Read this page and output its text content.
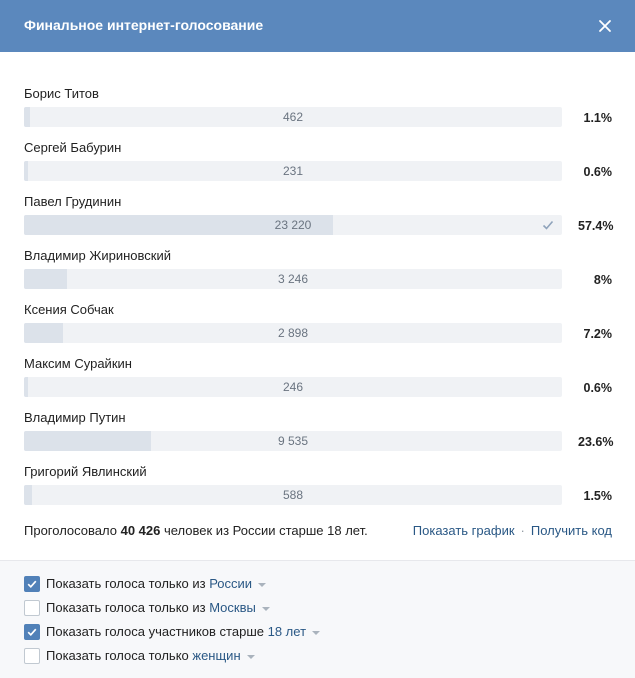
Финальное интернет-голосование
Борис Титов
462	1.1%
Сергей Бабурин
231	0.6%
Павел Грудинин
23 220	57.4%
Владимир Жириновский
3 246	8%
Ксения Собчак
2 898	7.2%
Максим Сурайкин
246	0.6%
Владимир Путин
9 535	23.6%
Григорий Явлинский
588	1.5%
Проголосовало 40 426 человек из России старше 18 лет.	Показать график · Получить код
Показать голоса только из России
Показать голоса только из Москвы
Показать голоса участников старше 18 лет
Показать голоса только женщин
